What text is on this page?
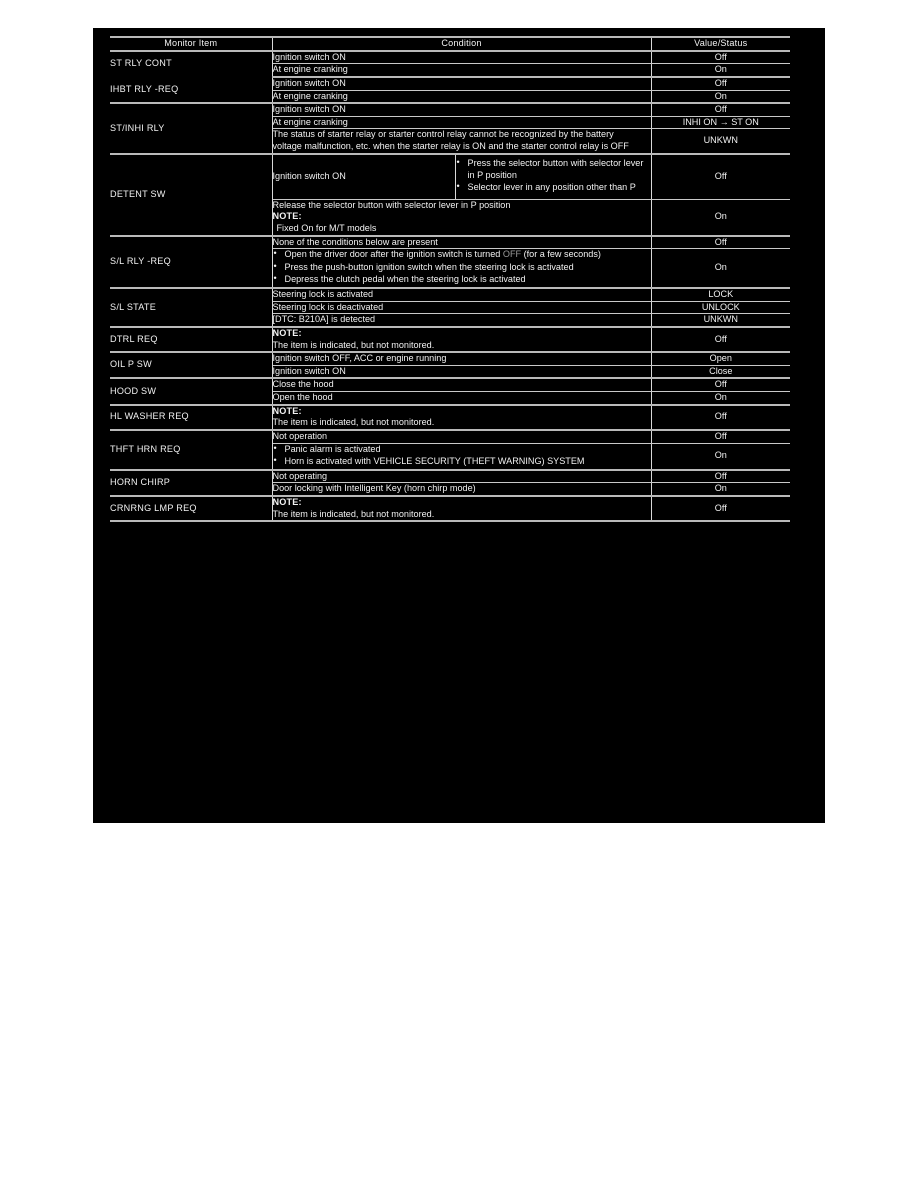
Monitor Item	Condition		Value/Status
ST RLY CONT	Ignition switch ON		Off
	At engine cranking		On
IHBT RLY -REQ	Ignition switch ON		Off
	At engine cranking		On
ST/INHI RLY	Ignition switch ON		Off
	At engine cranking		INHI ON → ST ON
	The status of starter relay or starter control relay cannot be recognized by the battery voltage malfunction, etc. when the starter relay is ON and the starter control relay is OFF		UNKWN
DETENT SW	Ignition switch ON	
• Press the selector button with selector lever in P position
• Selector lever in any position other than P
	Off
	Release the selector button with selector lever in P position
NOTE:

Fixed On for M/T models		On
S/L RLY -REQ	None of the conditions below are present		Off

• Open the driver door after the ignition switch is turned OFF (for a few seconds)
• Press the push-button ignition switch when the steering lock is activated
• Depress the clutch pedal when the steering lock is activated
	On
S/L STATE	Steering lock is activated		LOCK
	Steering lock is deactivated		UNLOCK
	[DTC: B210A] is detected		UNKWN
DTRL REQ	NOTE:
The item is indicated, but not monitored.		Off
OIL P SW	Ignition switch OFF, ACC or engine running		Open
	Ignition switch ON		Close
HOOD SW	Close the hood		Off
	Open the hood		On
HL WASHER REQ	NOTE:
The item is indicated, but not monitored.		Off
THFT HRN REQ	Not operation		Off

• Panic alarm is activated
• Horn is activated with VEHICLE SECURITY (THEFT WARNING) SYSTEM
	On
HORN CHIRP	Not operating		Off
	Door locking with Intelligent Key (horn chirp mode)		On
CRNRNG LMP REQ	NOTE:
The item is indicated, but not monitored.		Off
